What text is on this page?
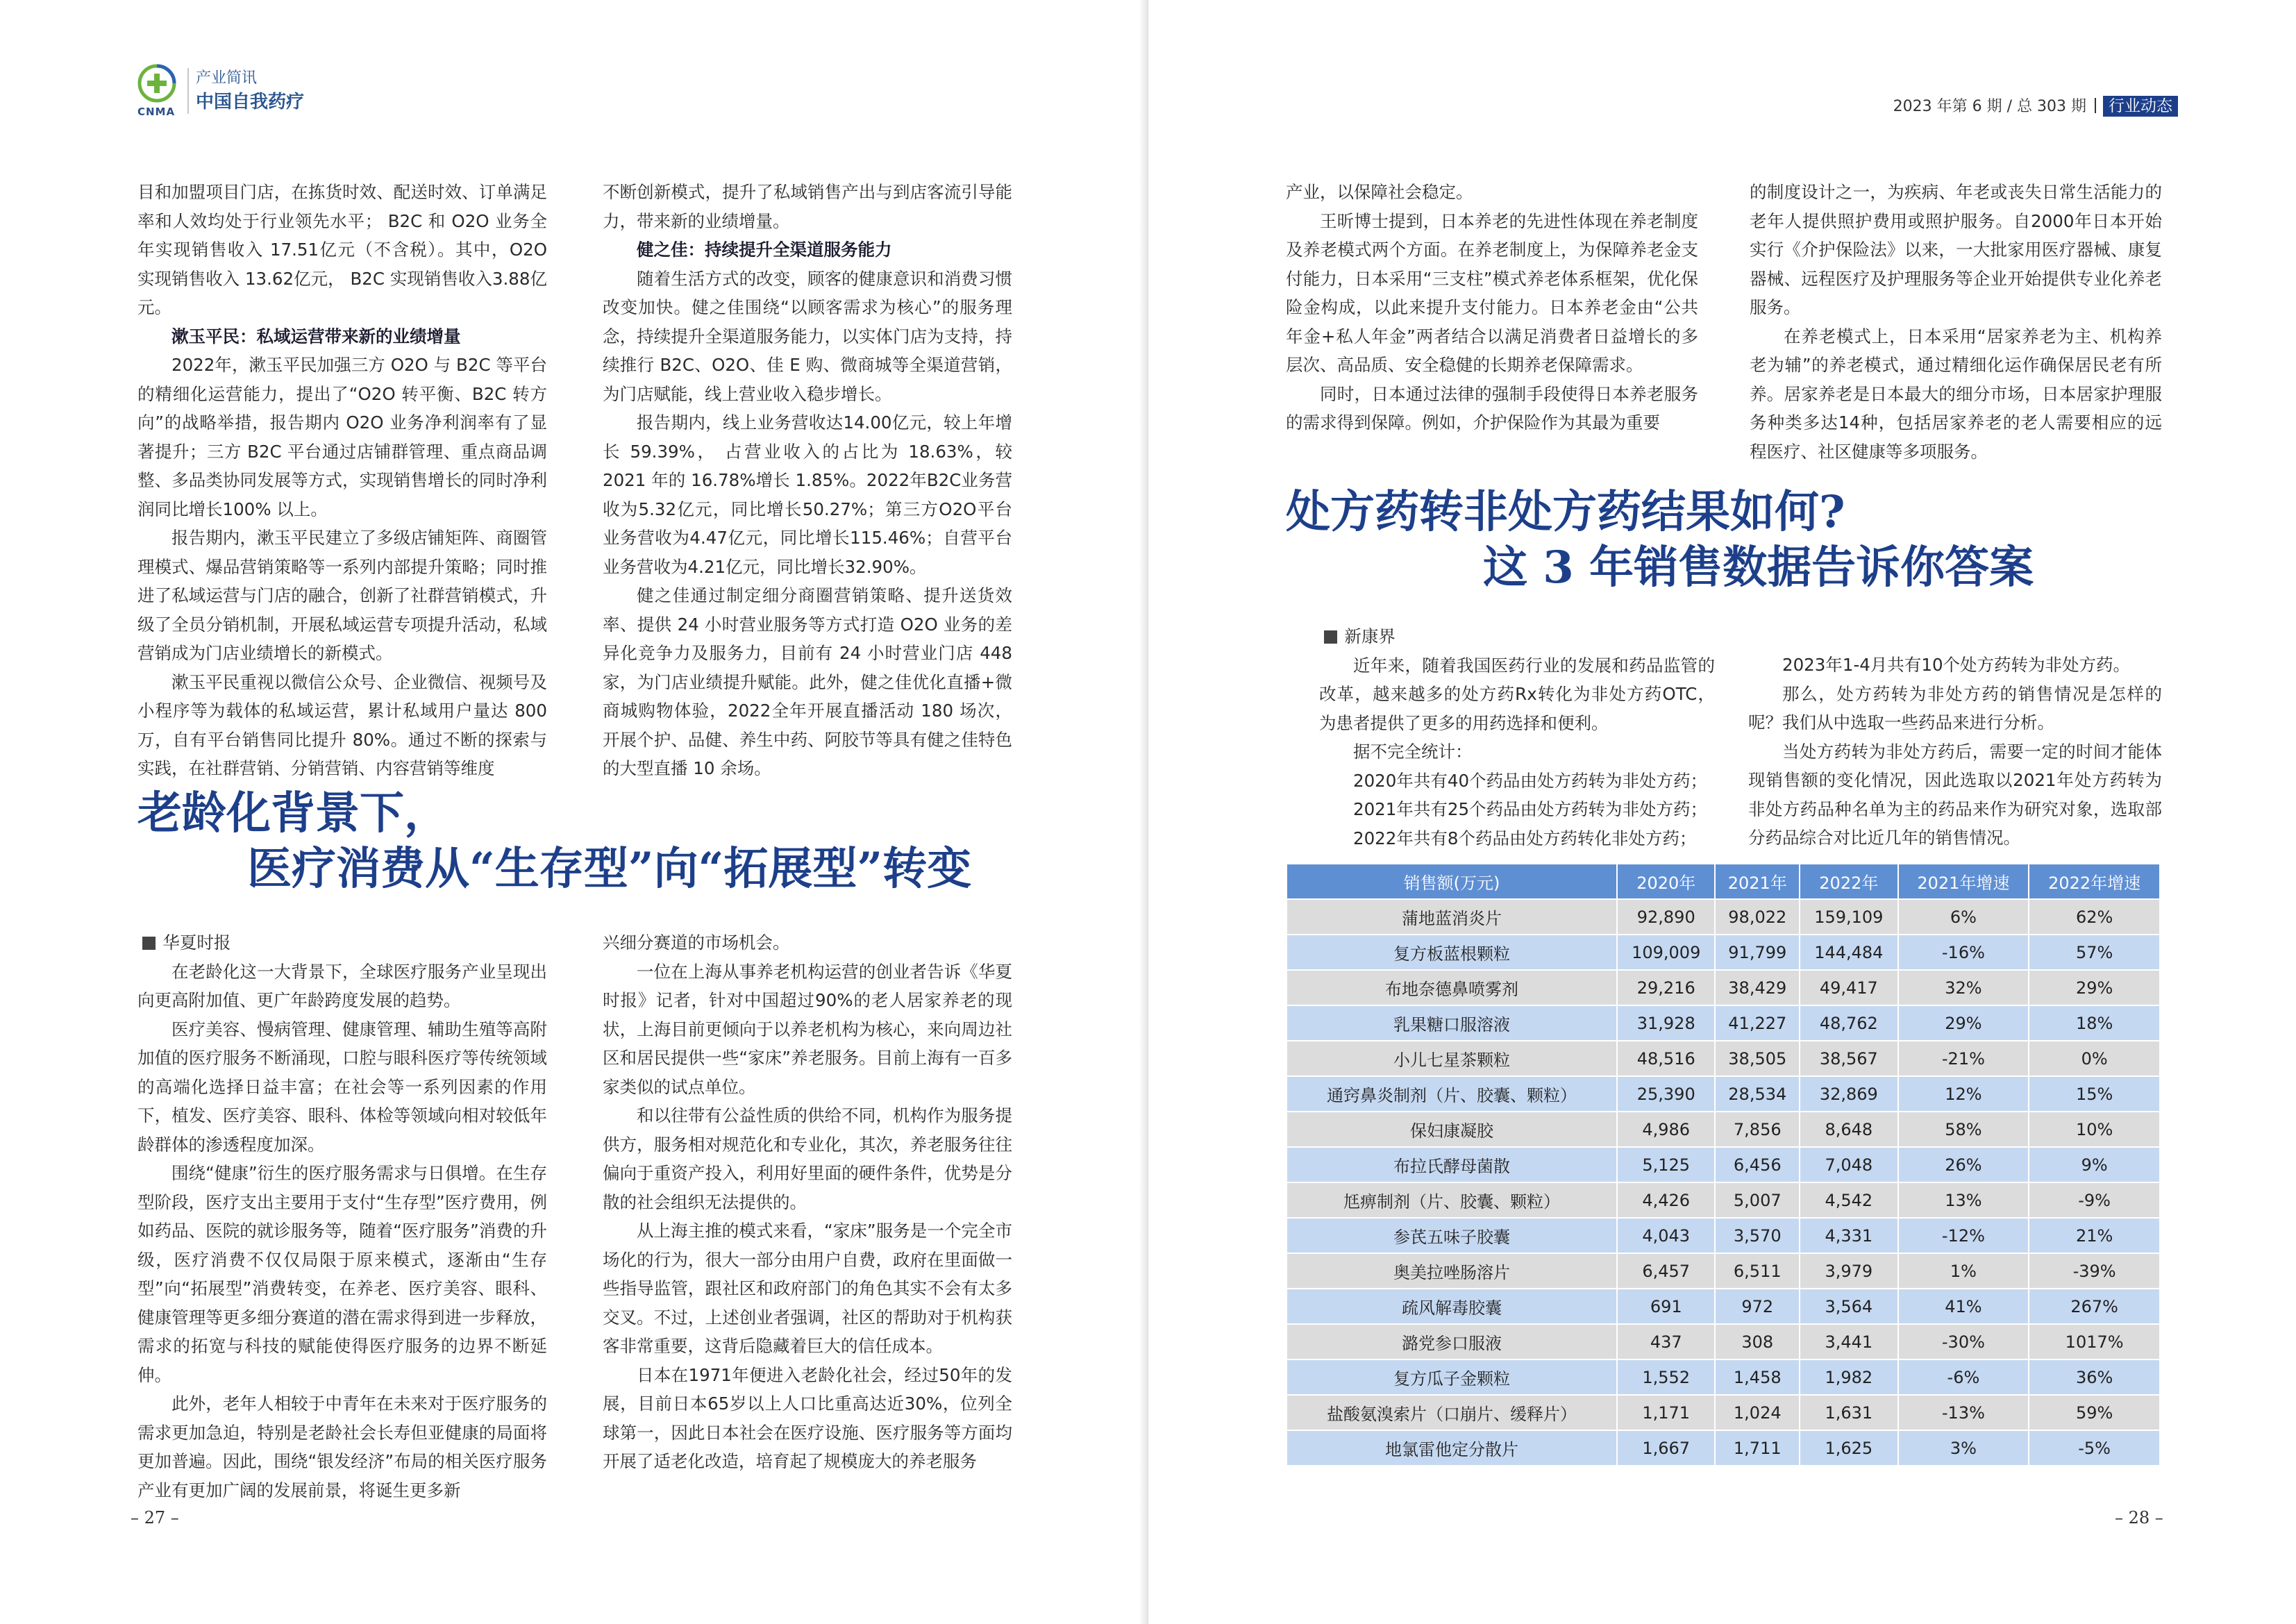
CNMA
产业简讯
中国自我药疗

目和加盟项目门店，在拣货时效、配送时效、订单满足率和人效均处于行业领先水平； B2C 和 O2O 业务全年实现销售收入 17.51亿元（不含税）。其中，O2O 实现销售收入 13.62亿元， B2C 实现销售收入3.88亿元。

漱玉平民：私域运营带来新的业绩增量

2022年，漱玉平民加强三方 O2O 与 B2C 等平台的精细化运营能力，提出了“O2O 转平衡、B2C 转方向”的战略举措，报告期内 O2O 业务净利润率有了显著提升；三方 B2C 平台通过店铺群管理、重点商品调整、多品类协同发展等方式，实现销售增长的同时净利润同比增长100% 以上。

报告期内，漱玉平民建立了多级店铺矩阵、商圈管理模式、爆品营销策略等一系列内部提升策略；同时推进了私域运营与门店的融合，创新了社群营销模式，升级了全员分销机制，开展私域运营专项提升活动，私域营销成为门店业绩增长的新模式。

漱玉平民重视以微信公众号、企业微信、视频号及小程序等为载体的私域运营，累计私域用户量达 800 万，自有平台销售同比提升 80%。通过不断的探索与实践，在社群营销、分销营销、内容营销等维度

不断创新模式，提升了私域销售产出与到店客流引导能力，带来新的业绩增量。

健之佳：持续提升全渠道服务能力

随着生活方式的改变，顾客的健康意识和消费习惯改变加快。健之佳围绕“以顾客需求为核心”的服务理念，持续提升全渠道服务能力，以实体门店为支持，持续推行 B2C、O2O、佳 E 购、微商城等全渠道营销，为门店赋能，线上营业收入稳步增长。

报告期内，线上业务营收达14.00亿元，较上年增长 59.39%， 占营业收入的占比为 18.63%，较 2021 年的 16.78%增长 1.85%。2022年B2C业务营收为5.32亿元，同比增长50.27%；第三方O2O平台业务营收为4.47亿元，同比增长115.46%；自营平台业务营收为4.21亿元，同比增长32.90%。

健之佳通过制定细分商圈营销策略、提升送货效率、提供 24 小时营业服务等方式打造 O2O 业务的差异化竞争力及服务力，目前有 24 小时营业门店 448家，为门店业绩提升赋能。此外，健之佳优化直播+微商城购物体验，2022全年开展直播活动 180 场次，开展个护、品健、养生中药、阿胶节等具有健之佳特色的大型直播 10 余场。

老龄化背景下，
医疗消费从“生存型”向“拓展型”转变
华夏时报

在老龄化这一大背景下，全球医疗服务产业呈现出向更高附加值、更广年龄跨度发展的趋势。

医疗美容、慢病管理、健康管理、辅助生殖等高附加值的医疗服务不断涌现，口腔与眼科医疗等传统领域的高端化选择日益丰富；在社会等一系列因素的作用下，植发、医疗美容、眼科、体检等领域向相对较低年龄群体的渗透程度加深。

围绕“健康”衍生的医疗服务需求与日俱增。在生存型阶段，医疗支出主要用于支付“生存型”医疗费用，例如药品、医院的就诊服务等，随着“医疗服务”消费的升级，医疗消费不仅仅局限于原来模式，逐渐由“生存型”向“拓展型”消费转变，在养老、医疗美容、眼科、健康管理等更多细分赛道的潜在需求得到进一步释放，需求的拓宽与科技的赋能使得医疗服务的边界不断延伸。

此外，老年人相较于中青年在未来对于医疗服务的需求更加急迫，特别是老龄社会长寿但亚健康的局面将更加普遍。因此，围绕“银发经济”布局的相关医疗服务产业有更加广阔的发展前景，将诞生更多新

兴细分赛道的市场机会。

一位在上海从事养老机构运营的创业者告诉《华夏时报》记者，针对中国超过90%的老人居家养老的现状，上海目前更倾向于以养老机构为核心，来向周边社区和居民提供一些“家床”养老服务。目前上海有一百多家类似的试点单位。

和以往带有公益性质的供给不同，机构作为服务提供方，服务相对规范化和专业化，其次，养老服务往往偏向于重资产投入，利用好里面的硬件条件，优势是分散的社会组织无法提供的。

从上海主推的模式来看，“家床”服务是一个完全市场化的行为，很大一部分由用户自费，政府在里面做一些指导监管，跟社区和政府部门的角色其实不会有太多交叉。不过，上述创业者强调，社区的帮助对于机构获客非常重要，这背后隐藏着巨大的信任成本。

日本在1971年便进入老龄化社会，经过50年的发展，目前日本65岁以上人口比重高达近30%，位列全球第一，因此日本社会在医疗设施、医疗服务等方面均开展了适老化改造，培育起了规模庞大的养老服务

– 27 –
2023 年第 6 期 / 总 303 期 行业动态

产业，以保障社会稳定。

王昕博士提到，日本养老的先进性体现在养老制度及养老模式两个方面。在养老制度上，为保障养老金支付能力，日本采用“三支柱”模式养老体系框架，优化保险金构成，以此来提升支付能力。日本养老金由“公共年金+私人年金”两者结合以满足消费者日益增长的多层次、高品质、安全稳健的长期养老保障需求。

同时，日本通过法律的强制手段使得日本养老服务的需求得到保障。例如，介护保险作为其最为重要

的制度设计之一，为疾病、年老或丧失日常生活能力的老年人提供照护费用或照护服务。自2000年日本开始实行《介护保险法》以来，一大批家用医疗器械、康复器械、远程医疗及护理服务等企业开始提供专业化养老服务。

在养老模式上，日本采用“居家养老为主、机构养老为辅”的养老模式，通过精细化运作确保居民老有所养。居家养老是日本最大的细分市场，日本居家护理服务种类多达14种，包括居家养老的老人需要相应的远程医疗、社区健康等多项服务。

处方药转非处方药结果如何?
这 3 年销售数据告诉你答案
新康界

近年来，随着我国医药行业的发展和药品监管的改革，越来越多的处方药Rx转化为非处方药OTC，为患者提供了更多的用药选择和便利。

据不完全统计：

2020年共有40个药品由处方药转为非处方药；

2021年共有25个药品由处方药转为非处方药；

2022年共有8个药品由处方药转化非处方药；

2023年1-4月共有10个处方药转为非处方药。

那么，处方药转为非处方药的销售情况是怎样的呢？我们从中选取一些药品来进行分析。

当处方药转为非处方药后，需要一定的时间才能体现销售额的变化情况，因此选取以2021年处方药转为非处方药品种名单为主的药品来作为研究对象，选取部分药品综合对比近几年的销售情况。

– 28 –
销售额(万元)	2020年	2021年	2022年	2021年增速	2022年增速
蒲地蓝消炎片	92,890	98,022	159,109	6%	62%
复方板蓝根颗粒	109,009	91,799	144,484	-16%	57%
布地奈德鼻喷雾剂	29,216	38,429	49,417	32%	29%
乳果糖口服溶液	31,928	41,227	48,762	29%	18%
小儿七星茶颗粒	48,516	38,505	38,567	-21%	0%
通窍鼻炎制剂（片、胶囊、颗粒）	25,390	28,534	32,869	12%	15%
保妇康凝胶	4,986	7,856	8,648	58%	10%
布拉氏酵母菌散	5,125	6,456	7,048	26%	9%
尪痹制剂（片、胶囊、颗粒）	4,426	5,007	4,542	13%	-9%
参芪五味子胶囊	4,043	3,570	4,331	-12%	21%
奥美拉唑肠溶片	6,457	6,511	3,979	1%	-39%
疏风解毒胶囊	691	972	3,564	41%	267%
潞党参口服液	437	308	3,441	-30%	1017%
复方瓜子金颗粒	1,552	1,458	1,982	-6%	36%
盐酸氨溴索片（口崩片、缓释片）	1,171	1,024	1,631	-13%	59%
地氯雷他定分散片	1,667	1,711	1,625	3%	-5%
